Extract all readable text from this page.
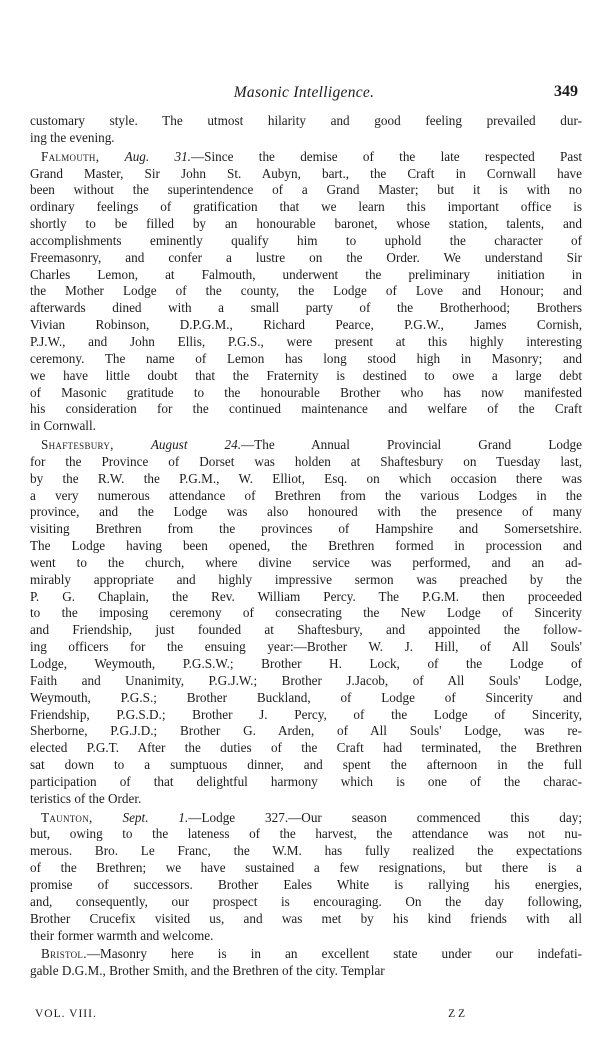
Masonic Intelligence.	349
customary style. The utmost hilarity and good feeling prevailed dur-
ing the evening.
Falmouth, Aug. 31.—Since the demise of the late respected Past
Grand Master, Sir John St. Aubyn, bart., the Craft in Cornwall have
been without the superintendence of a Grand Master; but it is with no
ordinary feelings of gratification that we learn this important office is
shortly to be filled by an honourable baronet, whose station, talents, and
accomplishments eminently qualify him to uphold the character of
Freemasonry, and confer a lustre on the Order. We understand Sir
Charles Lemon, at Falmouth, underwent the preliminary initiation in
the Mother Lodge of the county, the Lodge of Love and Honour; and
afterwards dined with a small party of the Brotherhood; Brothers
Vivian Robinson, D.P.G.M., Richard Pearce, P.G.W., James Cornish,
P.J.W., and John Ellis, P.G.S., were present at this highly interesting
ceremony. The name of Lemon has long stood high in Masonry; and
we have little doubt that the Fraternity is destined to owe a large debt
of Masonic gratitude to the honourable Brother who has now manifested
his consideration for the continued maintenance and welfare of the Craft
in Cornwall.
Shaftesbury,	August 24.—The Annual Provincial Grand Lodge
for the Province of Dorset was holden at Shaftesbury on Tuesday last,
by the R.W. the P.G.M., W. Elliot, Esq. on which occasion there was
a very numerous attendance of Brethren from the various Lodges in the
province, and the Lodge was also honoured with the presence of many
visiting Brethren from the provinces of Hampshire and Somersetshire.
The Lodge having been opened, the Brethren formed in procession and
went to the church, where divine service was performed, and an ad-
mirably appropriate and highly impressive sermon was preached by the
P. G. Chaplain, the Rev. William Percy. The P.G.M. then proceeded
to the imposing ceremony of consecrating the New Lodge of Sincerity
and Friendship, just founded at Shaftesbury, and appointed the follow-
ing officers for the ensuing year:—Brother W. J. Hill, of All Souls'
Lodge, Weymouth, P.G.S.W.; Brother H. Lock, of the Lodge of
Faith and Unanimity, P.G.J.W.; Brother J.Jacob, of All Souls' Lodge,
Weymouth, P.G.S.; Brother Buckland, of Lodge of Sincerity and
Friendship, P.G.S.D.; Brother J. Percy, of the Lodge of Sincerity,
Sherborne, P.G.J.D.; Brother G. Arden, of All Souls' Lodge, was re-
elected P.G.T. After the duties of the Craft had terminated, the Brethren
sat down to a sumptuous dinner, and spent the afternoon in the full
participation of that delightful harmony which is one of the charac-
teristics of the Order.
Taunton, Sept. 1.—Lodge 327.—Our season commenced this day;
but, owing to the lateness of the harvest, the attendance was not nu-
merous. Bro. Le Franc, the W.M. has fully realized the expectations
of the Brethren; we have sustained a few resignations, but there is a
promise of successors. Brother Eales White is rallying his energies,
and, consequently, our prospect is encouraging. On the day following,
Brother Crucefix visited us, and was met by his kind friends with all
their former warmth and welcome.
Bristol.—Masonry here is in an excellent state under our indefati-
gable D.G.M., Brother Smith, and the Brethren of the city. Templar
VOL. VIII.	Z Z
